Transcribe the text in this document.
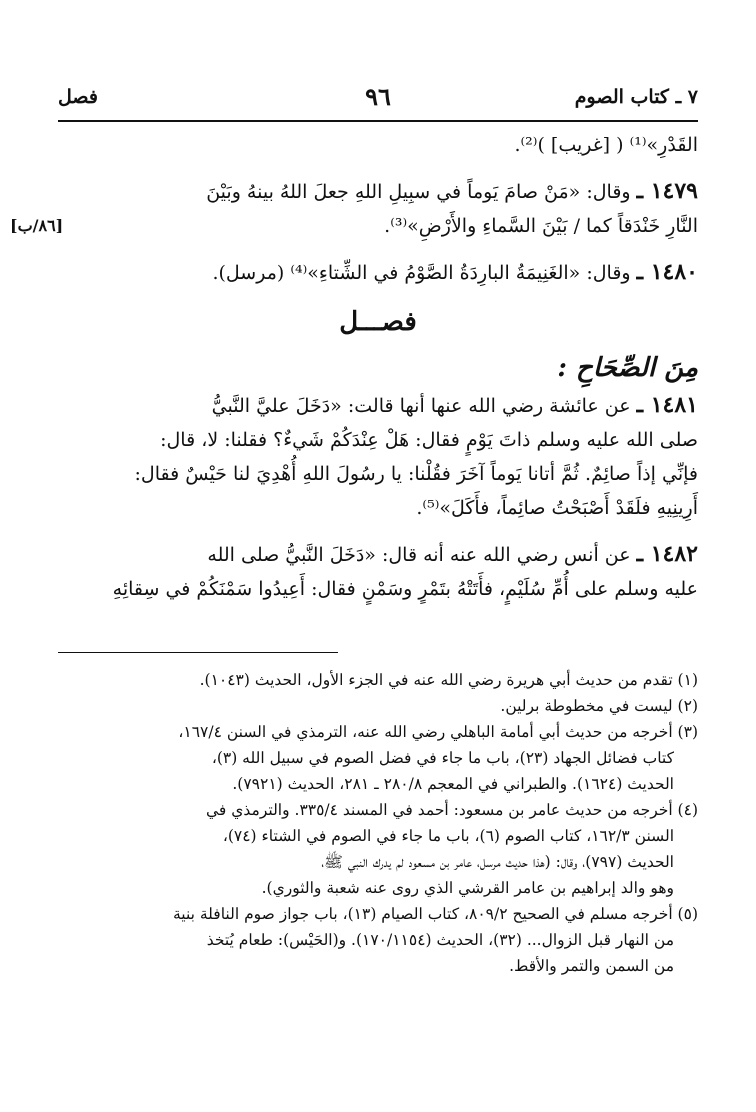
٧ ـ كتاب الصوم
٩٦
فصل
القَدْرِ»⁽¹⁾ ( [غريب] )⁽²⁾.
١٤٧٩ ـ وقال: «مَنْ صامَ يَوماً في سبِيلِ اللهِ جعلَ اللهُ بينهُ وبَيْنَ
النَّارِ خَنْدَقاً كما / بَيْنَ السَّماءِ والأَرْضِ»⁽³⁾.
[٨٦/ب]
١٤٨٠ ـ وقال: «الغَنِيمَةُ البارِدَةُ الصَّوْمُ في الشِّتاءِ»⁽⁴⁾ (مرسل).
فصـــل
مِنَ الصِّحَاحِ :
١٤٨١ ـ عن عائشة رضي الله عنها أنها قالت: «دَخَلَ عليَّ النَّبيُّ
صلى الله عليه وسلم ذاتَ يَوْمٍ فقال: هَلْ عِنْدَكُمْ شَيءٌ؟ فقلنا: لا، قال:
فإنِّي إذاً صائِمٌ. ثُمَّ أتانا يَوماً آخَرَ فقُلْنا: يا رسُولَ اللهِ أُهْدِيَ لنا حَيْسٌ فقال:
أَرِينِيهِ فلَقَدْ أَصْبَحْتُ صائِماً، فأَكَلَ»⁽⁵⁾.
١٤٨٢ ـ عن أنس رضي الله عنه أنه قال: «دَخَلَ النَّبيُّ صلى الله
عليه وسلم على أُمِّ سُلَيْمٍ، فأَتَتْهُ بتَمْرٍ وسَمْنٍ فقال: أَعِيدُوا سَمْنَكُمْ في سِقائِهِ
(١) تقدم من حديث أبي هريرة رضي الله عنه في الجزء الأول، الحديث (١٠٤٣).
(٢) ليست في مخطوطة برلين.
(٣) أخرجه من حديث أبي أمامة الباهلي رضي الله عنه، الترمذي في السنن ١٦٧/٤،
كتاب فضائل الجهاد (٢٣)، باب ما جاء في فضل الصوم في سبيل الله (٣)،
الحديث (١٦٢٤). والطبراني في المعجم ٢٨٠/٨ ـ ٢٨١، الحديث (٧٩٢١).
(٤) أخرجه من حديث عامر بن مسعود: أحمد في المسند ٣٣٥/٤. والترمذي في
السنن ١٦٢/٣، كتاب الصوم (٦)، باب ما جاء في الصوم في الشتاء (٧٤)،
الحديث (٧٩٧)، وقال: (هذا حديث مرسل، عامر بن مسعود لم يدرك النبي ﷺ،
وهو والد إبراهيم بن عامر القرشي الذي روى عنه شعبة والثوري).
(٥) أخرجه مسلم في الصحيح ٨٠٩/٢، كتاب الصيام (١٣)، باب جواز صوم النافلة بنية
من النهار قبل الزوال... (٣٢)، الحديث (١٧٠/١١٥٤). و(الحَيْس): طعام يُتخذ
من السمن والتمر والأقط.
